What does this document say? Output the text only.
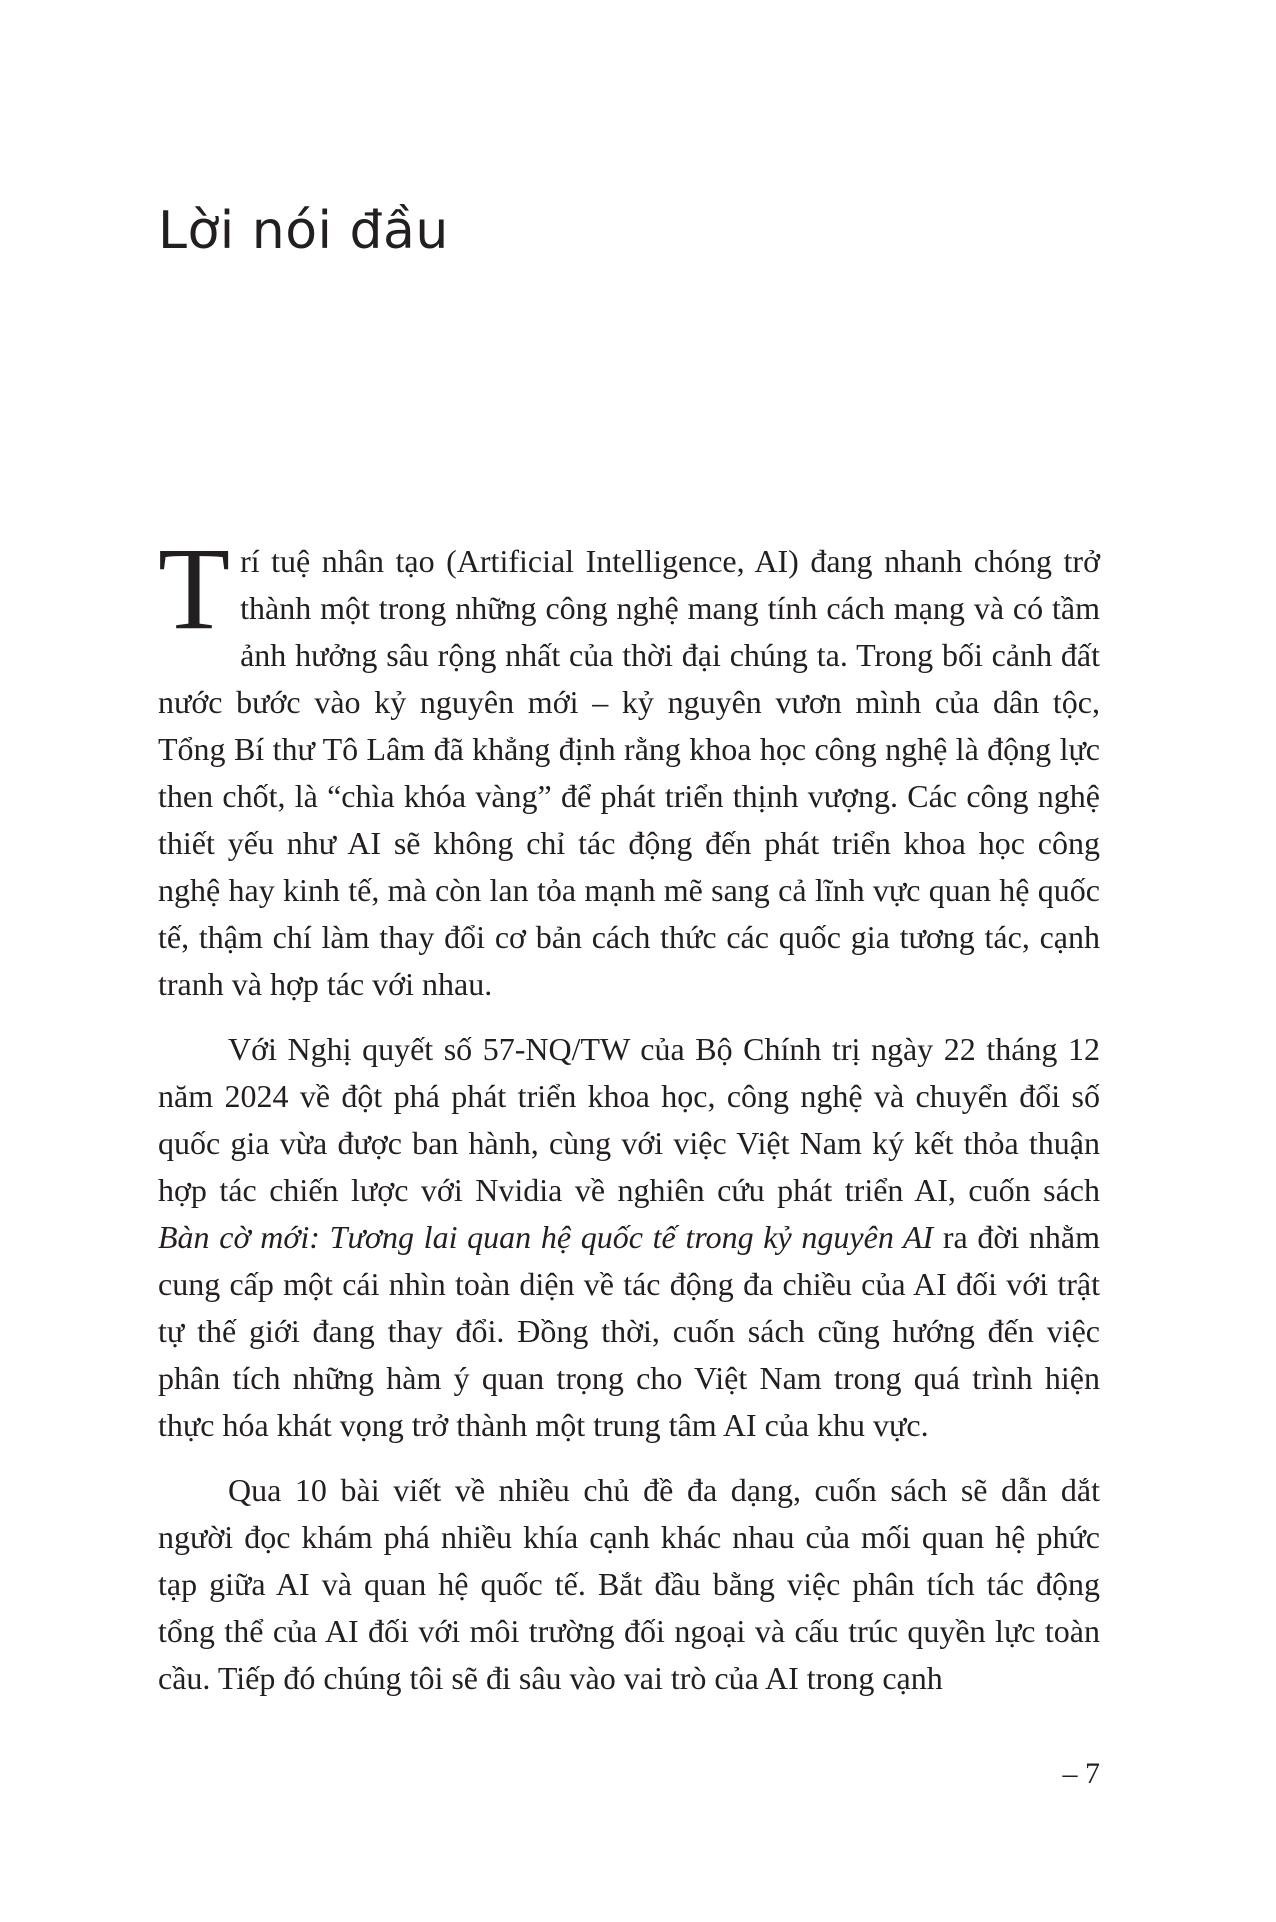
Lời nói đầu

Trí tuệ nhân tạo (Artificial Intelligence, AI) đang nhanh chóng trở thành một trong những công nghệ mang tính cách mạng và có tầm ảnh hưởng sâu rộng nhất của thời đại chúng ta. Trong bối cảnh đất nước bước vào kỷ nguyên mới – kỷ nguyên vươn mình của dân tộc, Tổng Bí thư Tô Lâm đã khẳng định rằng khoa học công nghệ là động lực then chốt, là “chìa khóa vàng” để phát triển thịnh vượng. Các công nghệ thiết yếu như AI sẽ không chỉ tác động đến phát triển khoa học công nghệ hay kinh tế, mà còn lan tỏa mạnh mẽ sang cả lĩnh vực quan hệ quốc tế, thậm chí làm thay đổi cơ bản cách thức các quốc gia tương tác, cạnh tranh và hợp tác với nhau.

Với Nghị quyết số 57-NQ/TW của Bộ Chính trị ngày 22 tháng 12 năm 2024 về đột phá phát triển khoa học, công nghệ và chuyển đổi số quốc gia vừa được ban hành, cùng với việc Việt Nam ký kết thỏa thuận hợp tác chiến lược với Nvidia về nghiên cứu phát triển AI, cuốn sách Bàn cờ mới: Tương lai quan hệ quốc tế trong kỷ nguyên AI ra đời nhằm cung cấp một cái nhìn toàn diện về tác động đa chiều của AI đối với trật tự thế giới đang thay đổi. Đồng thời, cuốn sách cũng hướng đến việc phân tích những hàm ý quan trọng cho Việt Nam trong quá trình hiện thực hóa khát vọng trở thành một trung tâm AI của khu vực.

Qua 10 bài viết về nhiều chủ đề đa dạng, cuốn sách sẽ dẫn dắt người đọc khám phá nhiều khía cạnh khác nhau của mối quan hệ phức tạp giữa AI và quan hệ quốc tế. Bắt đầu bằng việc phân tích tác động tổng thể của AI đối với môi trường đối ngoại và cấu trúc quyền lực toàn cầu. Tiếp đó chúng tôi sẽ đi sâu vào vai trò của AI trong cạnh

– 7
